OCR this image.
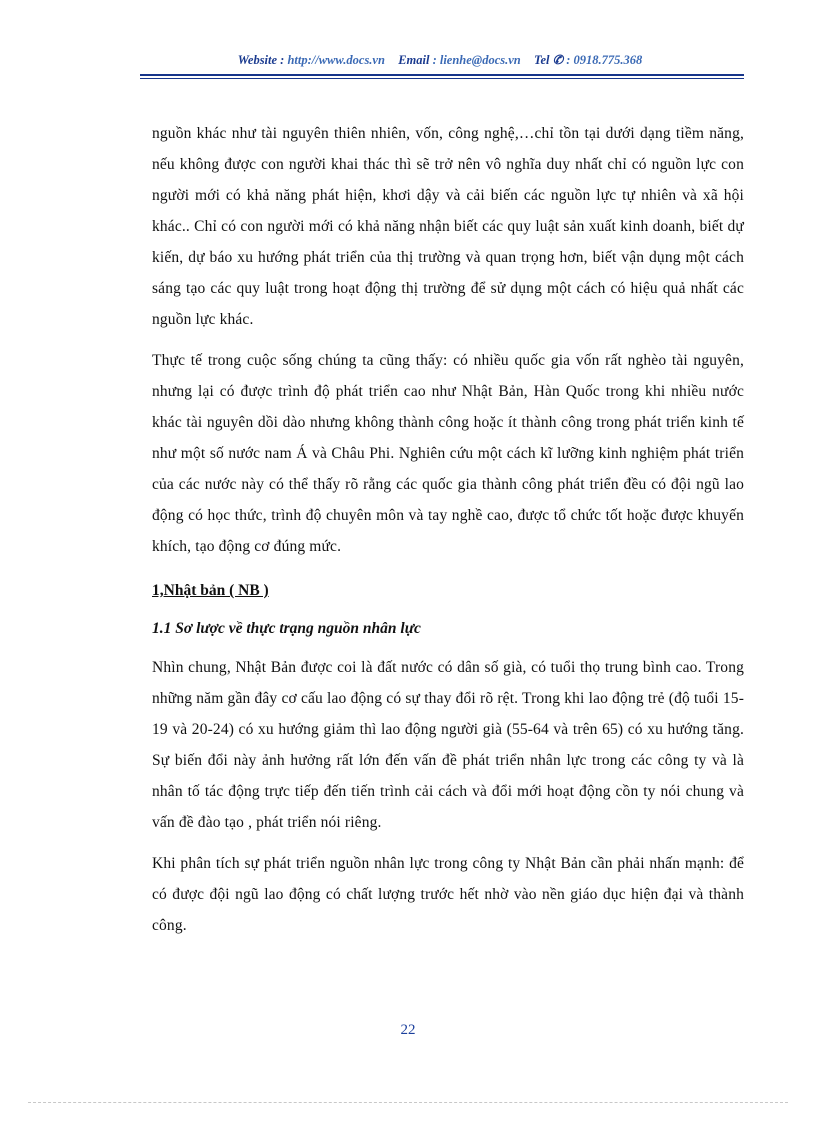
Website : http://www.docs.vn Email : lienhe@docs.vn Tel ✆ : 0918.775.368

nguồn khác như tài nguyên thiên nhiên, vốn, công nghệ,…chỉ tồn tại dưới dạng tiềm năng, nếu không được con người khai thác thì sẽ trở nên vô nghĩa duy nhất chỉ có nguồn lực con người mới có khả năng phát hiện, khơi dậy và cải biến các nguồn lực tự nhiên và xã hội khác.. Chỉ có con người mới có khả năng nhận biết các quy luật sản xuất kinh doanh, biết dự kiến, dự báo xu hướng phát triển của thị trường và quan trọng hơn, biết vận dụng một cách sáng tạo các quy luật trong hoạt động thị trường để sử dụng một cách có hiệu quả nhất các nguồn lực khác.

Thực tế trong cuộc sống chúng ta cũng thấy: có nhiều quốc gia vốn rất nghèo tài nguyên, nhưng lại có được trình độ phát triển cao như Nhật Bản, Hàn Quốc trong khi nhiều nước khác tài nguyên dồi dào nhưng không thành công hoặc ít thành công trong phát triển kinh tế như một số nước nam Á và Châu Phi. Nghiên cứu một cách kĩ lưỡng kinh nghiệm phát triển của các nước này có thể thấy rõ rằng các quốc gia thành công phát triển đều có đội ngũ lao động có học thức, trình độ chuyên môn và tay nghề cao, được tổ chức tốt hoặc được khuyến khích, tạo động cơ đúng mức.

1,Nhật bản ( NB )

1.1 Sơ lược về thực trạng nguồn nhân lực

Nhìn chung, Nhật Bản được coi là đất nước có dân số già, có tuổi thọ trung bình cao. Trong những năm gần đây cơ cấu lao động có sự thay đổi rõ rệt. Trong khi lao động trẻ (độ tuổi 15-19 và 20-24) có xu hướng giảm thì lao động người già (55-64 và trên 65) có xu hướng tăng. Sự biến đổi này ảnh hưởng rất lớn đến vấn đề phát triển nhân lực trong các công ty và là nhân tố tác động trực tiếp đến tiến trình cải cách và đổi mới hoạt động cồn ty nói chung và vấn đề đào tạo , phát triển nói riêng.

Khi phân tích sự phát triển nguồn nhân lực trong công ty Nhật Bản cần phải nhấn mạnh: để có được đội ngũ lao động có chất lượng trước hết nhờ vào nền giáo dục hiện đại và thành công.

22
